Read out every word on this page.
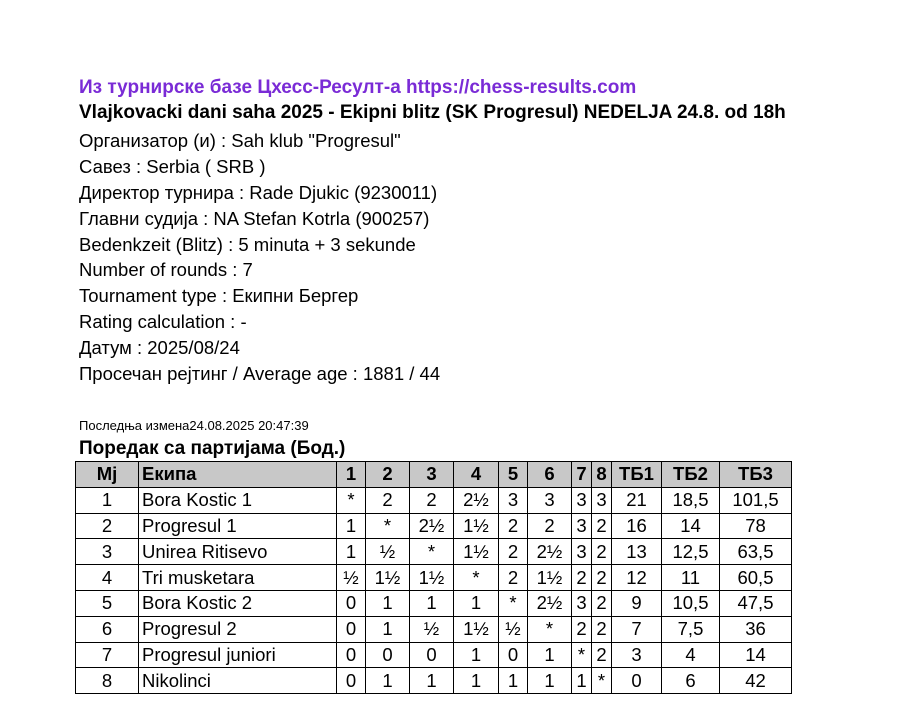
Из турнирске базе Цхесс-Ресулт-а https://chess-results.com
Vlajkovacki dani saha 2025 - Ekipni blitz (SK Progresul) NEDELJA 24.8. od 18h
Организатор (и) : Sah klub "Progresul"
Савез : Serbia ( SRB )
Директор турнира : Rade Djukic (9230011)
Главни судија : NA Stefan Kotrla (900257)
Bedenkzeit (Blitz) : 5 minuta + 3 sekunde
Number of rounds : 7
Tournament type : Екипни Бергер
Rating calculation : -
Датум : 2025/08/24
Просечан рејтинг / Average age : 1881 / 44
Последња измена24.08.2025 20:47:39
Поредак са партијама (Бод.)
Mj	Екипа	1	2	3	4	5	6	7	8	ТБ1	ТБ2	ТБ3
1	Bora Kostic 1	*	2	2	2½	3	3	3	3	21	18,5	101,5
2	Progresul 1	1	*	2½	1½	2	2	3	2	16	14	78
3	Unirea Ritisevo	1	½	*	1½	2	2½	3	2	13	12,5	63,5
4	Tri musketara	½	1½	1½	*	2	1½	2	2	12	11	60,5
5	Bora Kostic 2	0	1	1	1	*	2½	3	2	9	10,5	47,5
6	Progresul 2	0	1	½	1½	½	*	2	2	7	7,5	36
7	Progresul juniori	0	0	0	1	0	1	*	2	3	4	14
8	Nikolinci	0	1	1	1	1	1	1	*	0	6	42
